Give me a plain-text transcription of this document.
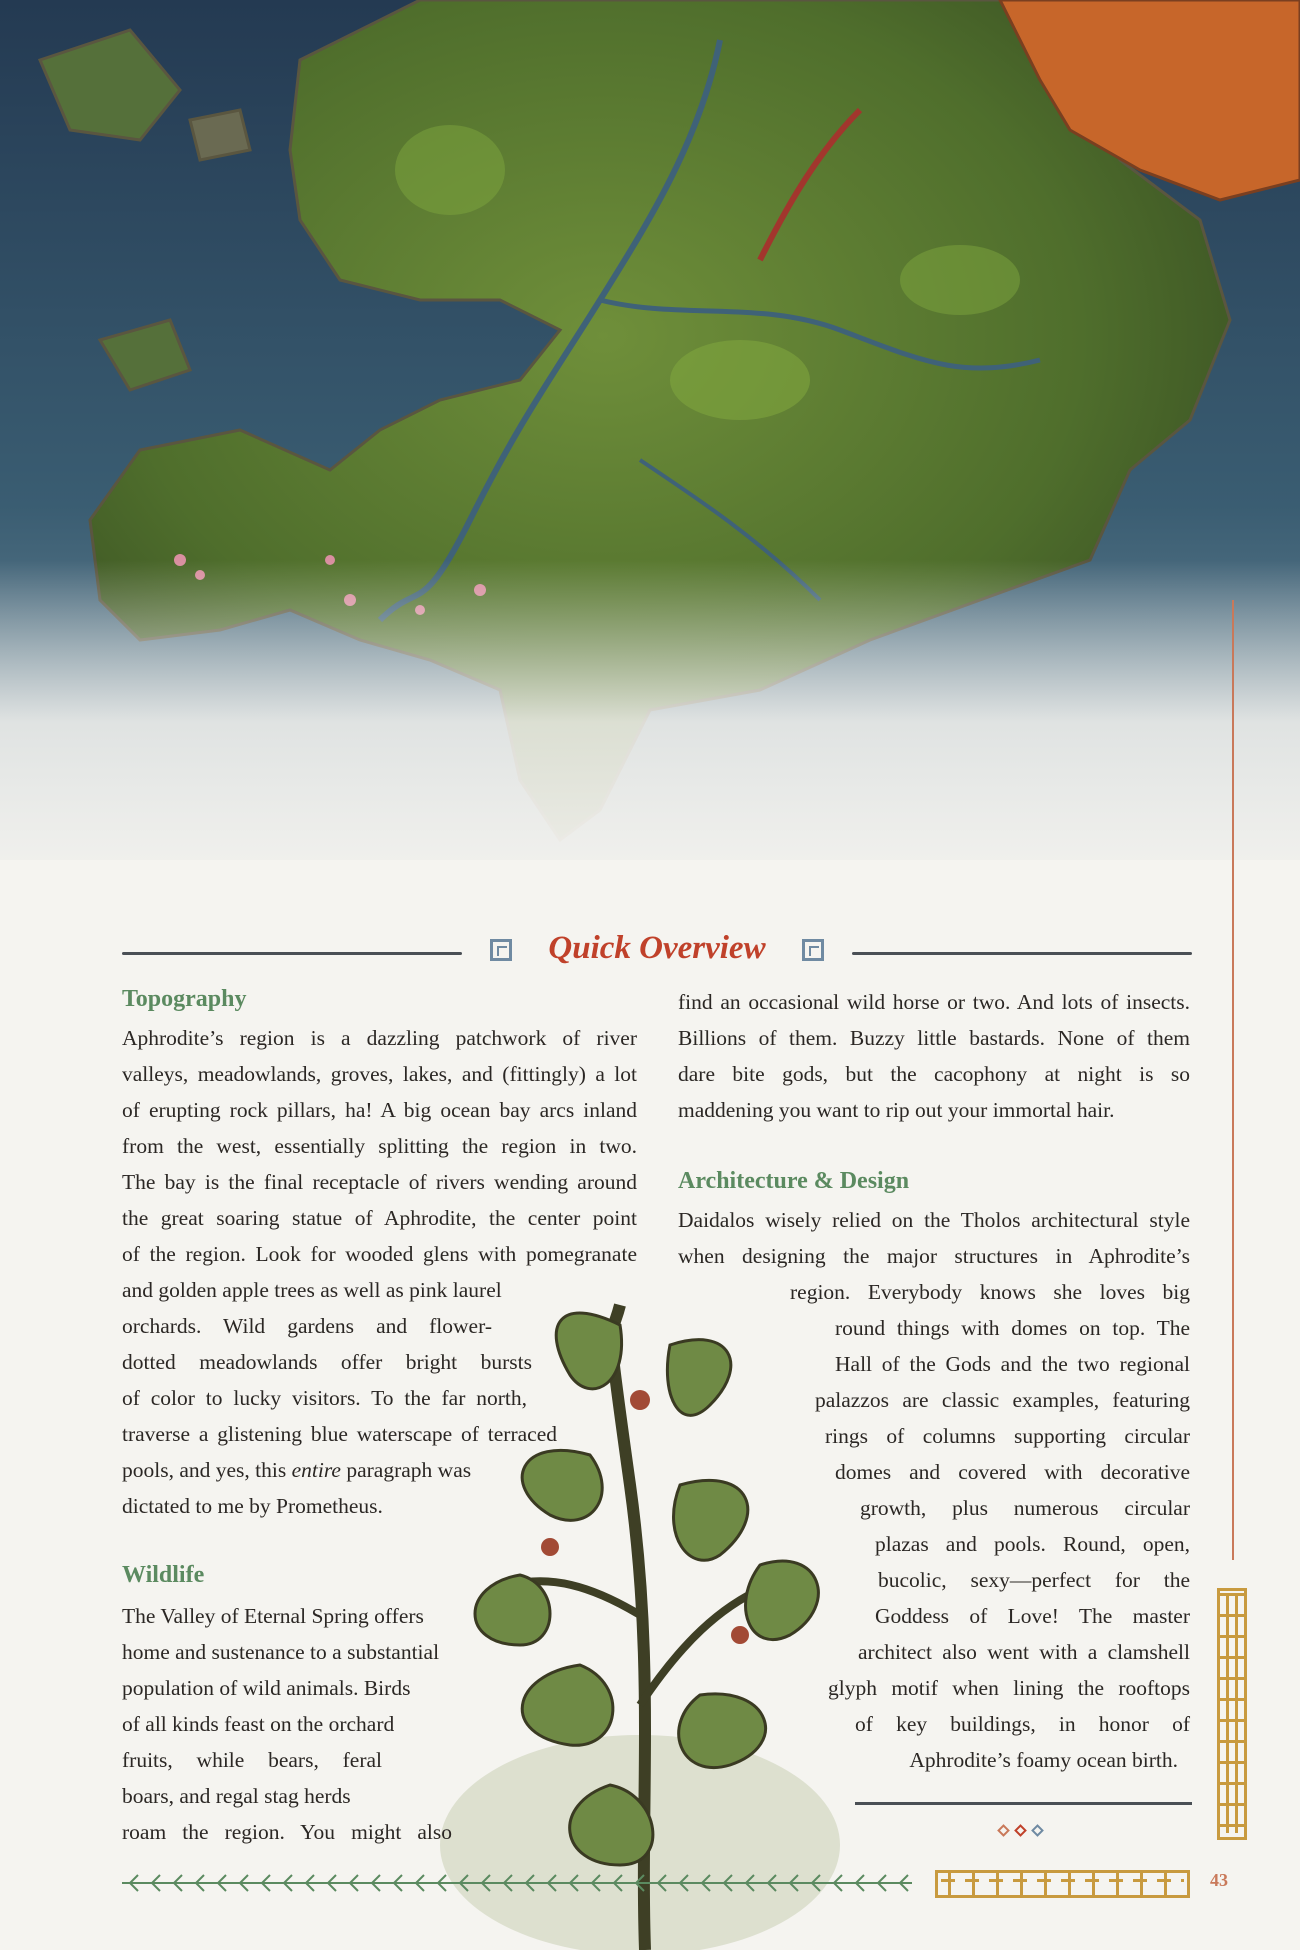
Quick Overview
Topography
Aphrodite’s region is a dazzling patchwork of river
valleys, meadowlands, groves, lakes, and (fittingly) a lot
of erupting rock pillars, ha! A big ocean bay arcs inland
from the west, essentially splitting the region in two.
The bay is the final receptacle of rivers wending around
the great soaring statue of Aphrodite, the center point
of the region. Look for wooded glens with pomegranate
and golden apple trees as well as pink laurel
orchards. Wild gardens and flower-
dotted meadowlands offer bright bursts
of color to lucky visitors. To the far north,
traverse a glistening blue waterscape of terraced
pools, and yes, this entire paragraph was
dictated to me by Prometheus.
Wildlife
The Valley of Eternal Spring offers
home and sustenance to a substantial
population of wild animals. Birds
of all kinds feast on the orchard
fruits, while bears, feral
boars, and regal stag herds
roam the region. You might also
find an occasional wild horse or two. And lots of insects.
Billions of them. Buzzy little bastards. None of them
dare bite gods, but the cacophony at night is so
maddening you want to rip out your immortal hair.
Architecture & Design
Daidalos wisely relied on the Tholos architectural style
when designing the major structures in Aphrodite’s
region. Everybody knows she loves big
round things with domes on top. The
Hall of the Gods and the two regional
palazzos are classic examples, featuring
rings of columns supporting circular
domes and covered with decorative
growth, plus numerous circular
plazas and pools. Round, open,
bucolic, sexy—perfect for the
Goddess of Love! The master
architect also went with a clamshell
glyph motif when lining the rooftops
of key buildings, in honor of
Aphrodite’s foamy ocean birth.
43
